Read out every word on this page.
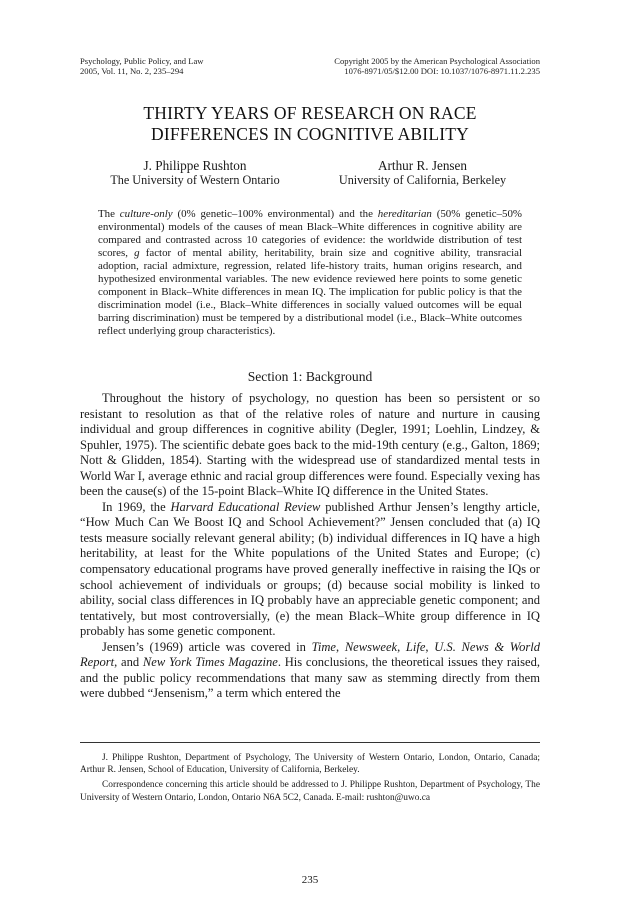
Psychology, Public Policy, and Law
2005, Vol. 11, No. 2, 235–294
Copyright 2005 by the American Psychological Association
1076-8971/05/$12.00 DOI: 10.1037/1076-8971.11.2.235
THIRTY YEARS OF RESEARCH ON RACE
DIFFERENCES IN COGNITIVE ABILITY
J. Philippe Rushton
The University of Western Ontario
Arthur R. Jensen
University of California, Berkeley
The culture-only (0% genetic–100% environmental) and the hereditarian (50% genetic–50% environmental) models of the causes of mean Black–White differences in cognitive ability are compared and contrasted across 10 categories of evidence: the worldwide distribution of test scores, g factor of mental ability, heritability, brain size and cognitive ability, transracial adoption, racial admixture, regression, related life-history traits, human origins research, and hypothesized environmental variables. The new evidence reviewed here points to some genetic component in Black–White differences in mean IQ. The implication for public policy is that the discrimination model (i.e., Black–White differences in socially valued outcomes will be equal barring discrimination) must be tempered by a distributional model (i.e., Black–White outcomes reflect underlying group characteristics).
Section 1: Background

Throughout the history of psychology, no question has been so persistent or so resistant to resolution as that of the relative roles of nature and nurture in causing individual and group differences in cognitive ability (Degler, 1991; Loehlin, Lindzey, & Spuhler, 1975). The scientific debate goes back to the mid-19th century (e.g., Galton, 1869; Nott & Glidden, 1854). Starting with the widespread use of standardized mental tests in World War I, average ethnic and racial group differences were found. Especially vexing has been the cause(s) of the 15-point Black–White IQ difference in the United States.

In 1969, the Harvard Educational Review published Arthur Jensen’s lengthy article, “How Much Can We Boost IQ and School Achievement?” Jensen concluded that (a) IQ tests measure socially relevant general ability; (b) individual differences in IQ have a high heritability, at least for the White populations of the United States and Europe; (c) compensatory educational programs have proved generally ineffective in raising the IQs or school achievement of individuals or groups; (d) because social mobility is linked to ability, social class differences in IQ probably have an appreciable genetic component; and tentatively, but most controversially, (e) the mean Black–White group difference in IQ probably has some genetic component.

Jensen’s (1969) article was covered in Time, Newsweek, Life, U.S. News & World Report, and New York Times Magazine. His conclusions, the theoretical issues they raised, and the public policy recommendations that many saw as stemming directly from them were dubbed “Jensenism,” a term which entered the

J. Philippe Rushton, Department of Psychology, The University of Western Ontario, London, Ontario, Canada; Arthur R. Jensen, School of Education, University of California, Berkeley.

Correspondence concerning this article should be addressed to J. Philippe Rushton, Department of Psychology, The University of Western Ontario, London, Ontario N6A 5C2, Canada. E-mail: rushton@uwo.ca

235
